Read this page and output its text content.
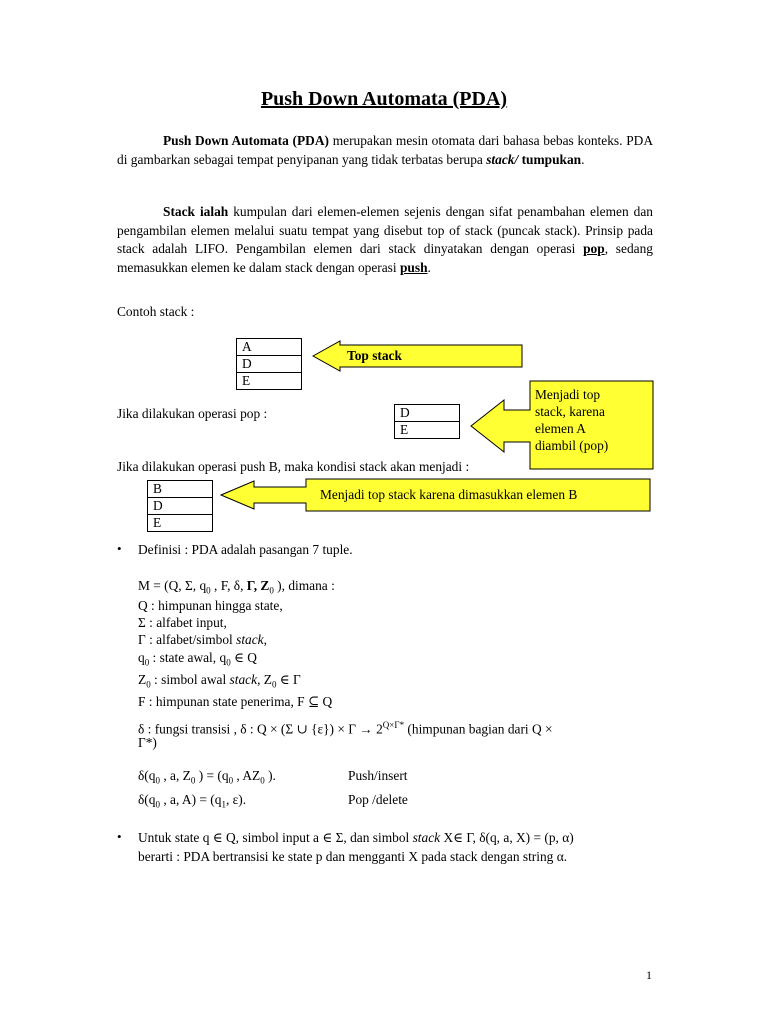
Push Down Automata (PDA)
Push Down Automata (PDA) merupakan mesin otomata dari bahasa bebas konteks. PDA di gambarkan sebagai tempat penyipanan yang tidak terbatas berupa stack/ tumpukan.
Stack ialah kumpulan dari elemen-elemen sejenis dengan sifat penambahan elemen dan pengambilan elemen melalui suatu tempat yang disebut top of stack (puncak stack). Prinsip pada stack adalah LIFO. Pengambilan elemen dari stack dinyatakan dengan operasi pop, sedang memasukkan elemen ke dalam stack dengan operasi push.
Contoh stack :
A
D
E
Top stack
Jika dilakukan operasi pop :	D
E
Menjadi top
stack, karena
elemen A
diambil (pop)
Jika dilakukan operasi push B, maka kondisi stack akan menjadi :
B
D
E
Menjadi top stack karena dimasukkan elemen B
• Definisi : PDA adalah pasangan 7 tuple.
M = (Q, Σ, $q_0$ , F, δ, Γ, $Z_0$ ), dimana :
Q : himpunan hingga state,
Σ : alfabet input,
Γ : alfabet/simbol stack,
$q_0$ : state awal, $q_0$ ∈ Q
$Z_0$ : simbol awal stack, $Z_0$ ∈ Γ
F : himpunan state penerima, F ⊆ Q
δ : fungsi transisi , δ : Q × (Σ ∪ $\{\varepsilon\}) \times \Gamma \to 2^{Q\times\Gamma*}$ (himpunan bagian dari Q ×
Γ*)
$\delta(q_0$ , a, $Z_0$ ) = ($q_0$ , $AZ_0$ ).	Push/insert
$\delta(q_0$ , a, $A) = (q_1$, ε).	Pop /delete
• Untuk state q ∈ Q, simbol input a ∈ Σ, dan simbol stack X∈ Γ, δ(q, a, X) = (p, α)
berarti : PDA bertransisi ke state p dan mengganti X pada stack dengan string α.
1
